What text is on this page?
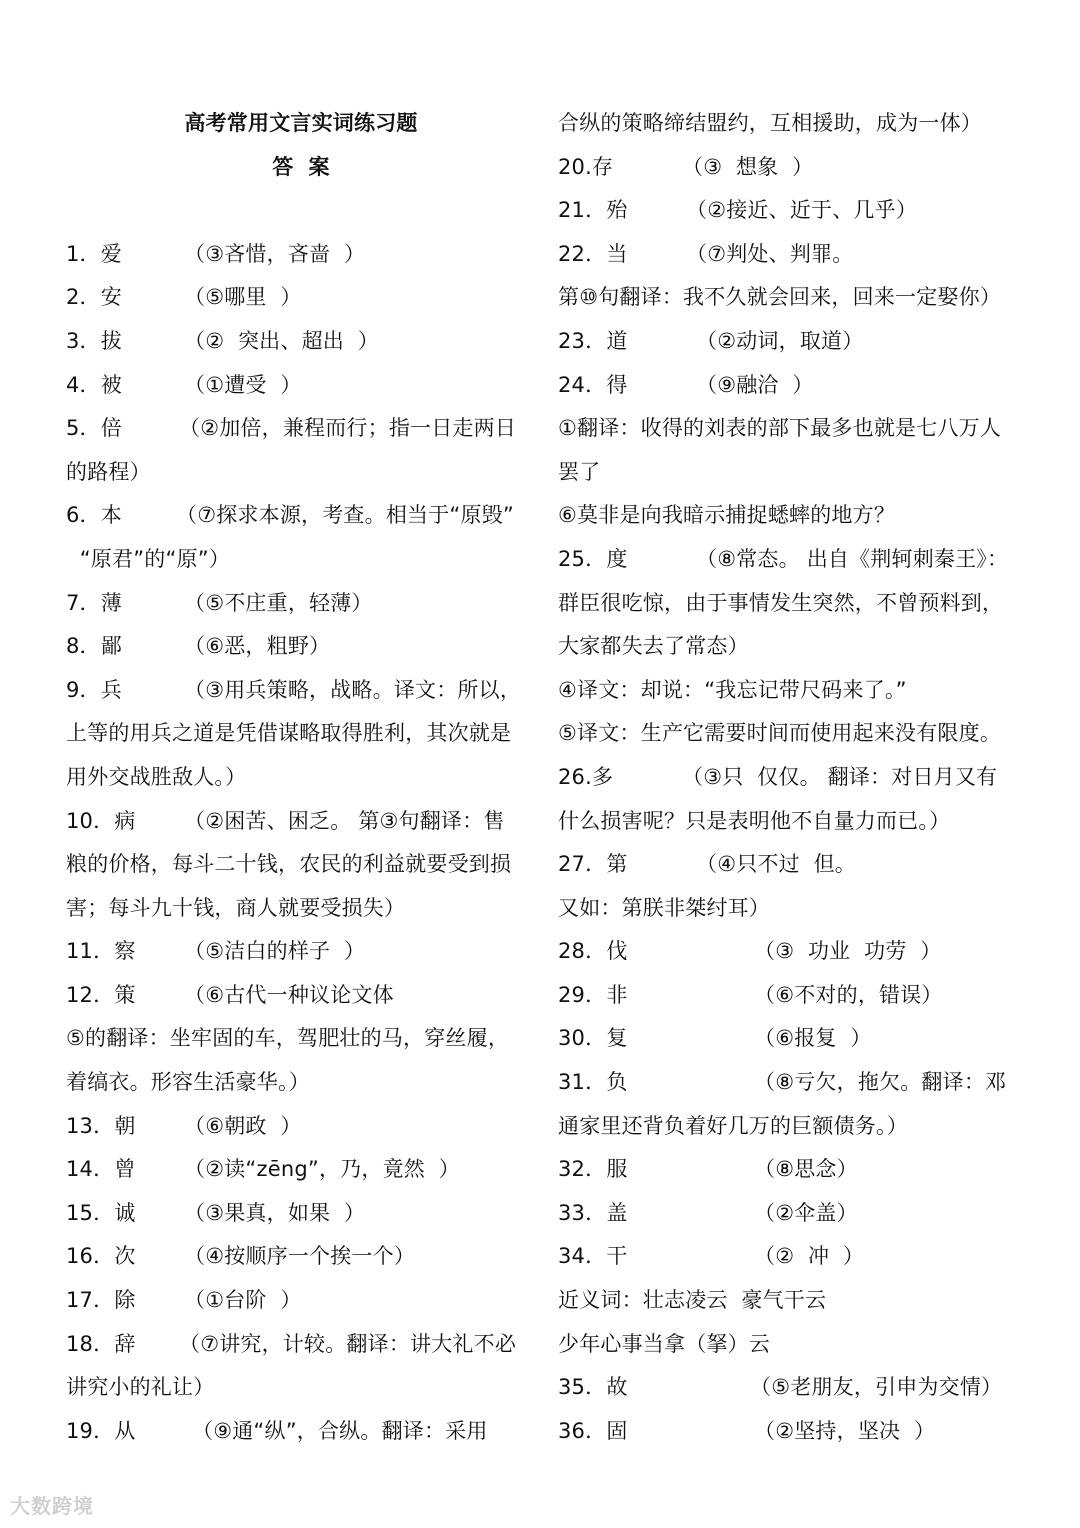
高考常用文言实词练习题
答  案
1．爱	（③吝惜，吝啬  ）
2．安	（⑤哪里  ）
3．拔	（②  突出、超出  ）
4．被	（①遭受  ）
5．倍	（②加倍，兼程而行；指一日走两日
的路程）
6．本	（⑦探求本源，考查。相当于“原毁”
“原君”的“原”）
7．薄	（⑤不庄重，轻薄）
8．鄙	（⑥恶，粗野）
9．兵	（③用兵策略，战略。译文：所以，
上等的用兵之道是凭借谋略取得胜利，其次就是
用外交战胜敌人。）
10．病 （②困苦、困乏。 第③句翻译：售
粮的价格，每斗二十钱，农民的利益就要受到损
害；每斗九十钱，商人就要受损失）
11．察 （⑤洁白的样子  ）
12．策 （⑥古代一种议论文体
⑤的翻译：坐牢固的车，驾肥壮的马，穿丝履，
着缟衣。形容生活豪华。）
13．朝 （⑥朝政  ）
14．曾 （②读“zēng”，乃，竟然  ）
15．诚 （③果真，如果  ）
16．次 （④按顺序一个挨一个）
17．除 （①台阶  ）
18．辞 （⑦讲究，计较。翻译：讲大礼不必
讲究小的礼让）
19．从	（⑨通“纵”，合纵。翻译：采用
合纵的策略缔结盟约，互相援助，成为一体）
20.存	（③  想象  ）
21．殆	（②接近、近于、几乎）
22．当	（⑦判处、判罪。
第⑩句翻译：我不久就会回来，回来一定娶你）
23．道	（②动词，取道）
24．得	（⑨融洽  ）
①翻译：收得的刘表的部下最多也就是七八万人
罢了
⑥莫非是向我暗示捕捉蟋蟀的地方？
25．度	（⑧常态。 出自《荆轲刺秦王》：
群臣很吃惊，由于事情发生突然，不曾预料到，
大家都失去了常态）
④译文：却说：“我忘记带尺码来了。”
⑤译文：生产它需要时间而使用起来没有限度。
26.多	（③只  仅仅。 翻译：对日月又有
什么损害呢？只是表明他不自量力而已。）
27．第	（④只不过  但。
又如：第朕非桀纣耳）
28．伐	（③  功业  功劳  ）
29．非	（⑥不对的，错误）
30．复	（⑥报复  ）
31．负	（⑧亏欠，拖欠。翻译：邓
通家里还背负着好几万的巨额债务。）
32．服	（⑧思念）
33．盖	（②伞盖）
34．干	（②  冲  ）
近义词：壮志凌云  豪气干云
少年心事当拿（拏）云
35．故	（⑤老朋友，引申为交情）
36．固	（②坚持，坚决  ）
大数跨境
